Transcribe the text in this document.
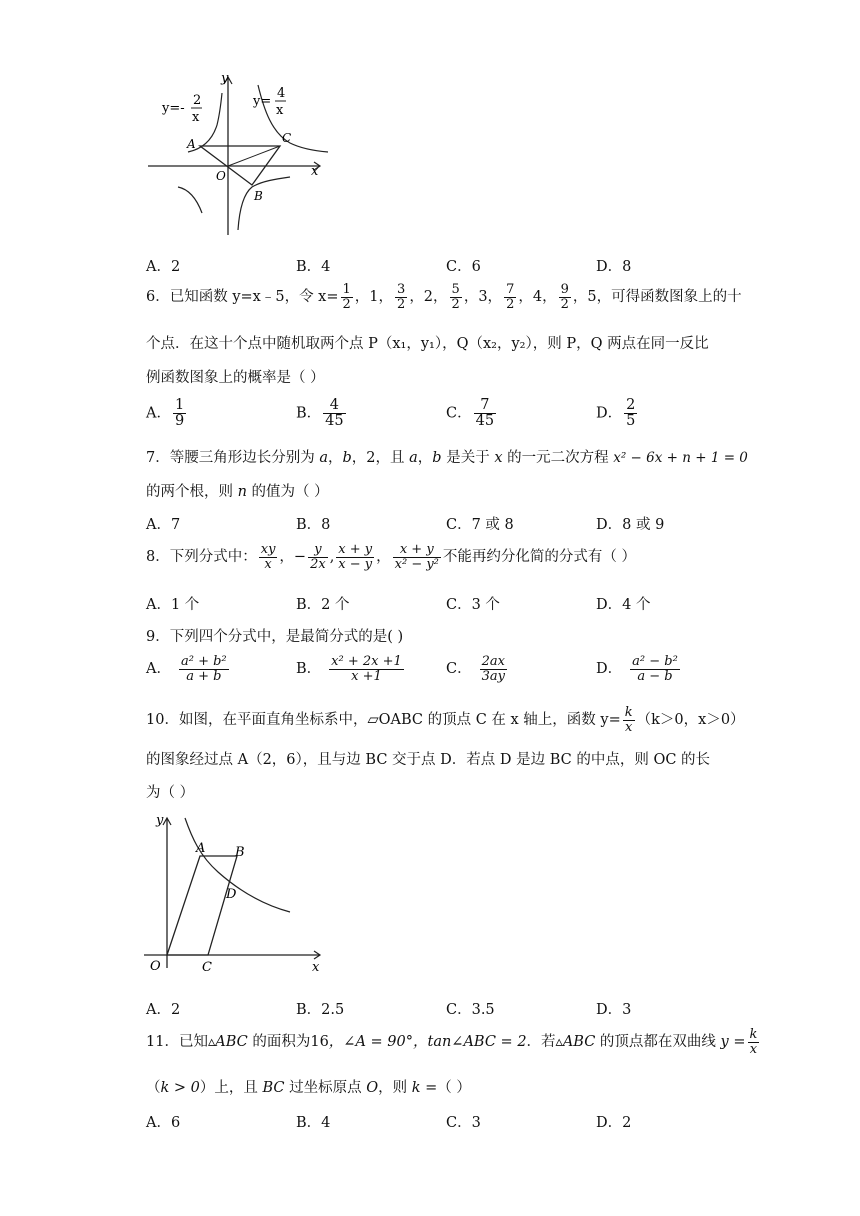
y
x
O
A	C
B
y=-
2
x
y=
4
x
A．2	B．4	C．6	D．8
6．已知函数 y=x﹣5，令 $x= \frac{1}{2}$ ，1， $\frac{3}{2}$ ，2， $\frac{5}{2}$ ，3， $\frac{7}{2}$ ，4， $\frac{9}{2}$ ，5，可得函数图象上的十
个点．在这十个点中随机取两个点 P（x₁，y₁），Q（x₂，y₂），则 P，Q 两点在同一反比
例函数图象上的概率是（ ）
A． $\frac{1}{9}$	B． $\frac{4}{45}$	C． $\frac{7}{45}$	D． $\frac{2}{5}$
7．等腰三角形边长分别为 a，b，2，且 a，b 是关于 x 的一元二次方程 x² − 6x + n + 1 = 0
的两个根，则 n 的值为（ ）
A．7	B．8	C．7 或 8	D．8 或 9
8．下列分式中： $\frac{xy}{x}$ ，− $\frac{y}{2x}$ , $\frac{x + y}{x - y}$ ， $\frac{x + y}{\text{x² − y²}}$ 不能再约分化简的分式有（ ）
A．1 个	B．2 个	C．3 个	D．4 个
9．下列四个分式中，是最简分式的是( )
A． $\frac{\text{a² + b²}}{a + b}$	B． $\frac{\text{x² + 2x +1}}{x +1}$	C． $\frac{2ax}{3ay}$	D． $\frac{\text{a² − b²}}{a - b}$
10．如图，在平面直角坐标系中，▱OABC 的顶点 C 在 x 轴上，函数 $y= \frac{k}{x} (k>0$，x＞0）
的图象经过点 A（2，6），且与边 BC 交于点 D．若点 D 是边 BC 的中点，则 OC 的长
为（ ）
y
x
O	C
A B
D
A．2	B．2.5	C．3.5	D．3
11．已知▵ABC 的面积为16，∠A = 90°，tan∠ABC = 2．若▵ABC 的顶点都在双曲线 $y = \frac{k}{x}$
（k > 0）上，且 BC 过坐标原点 O，则 k =（ ）
A．6	B．4	C．3	D．2
